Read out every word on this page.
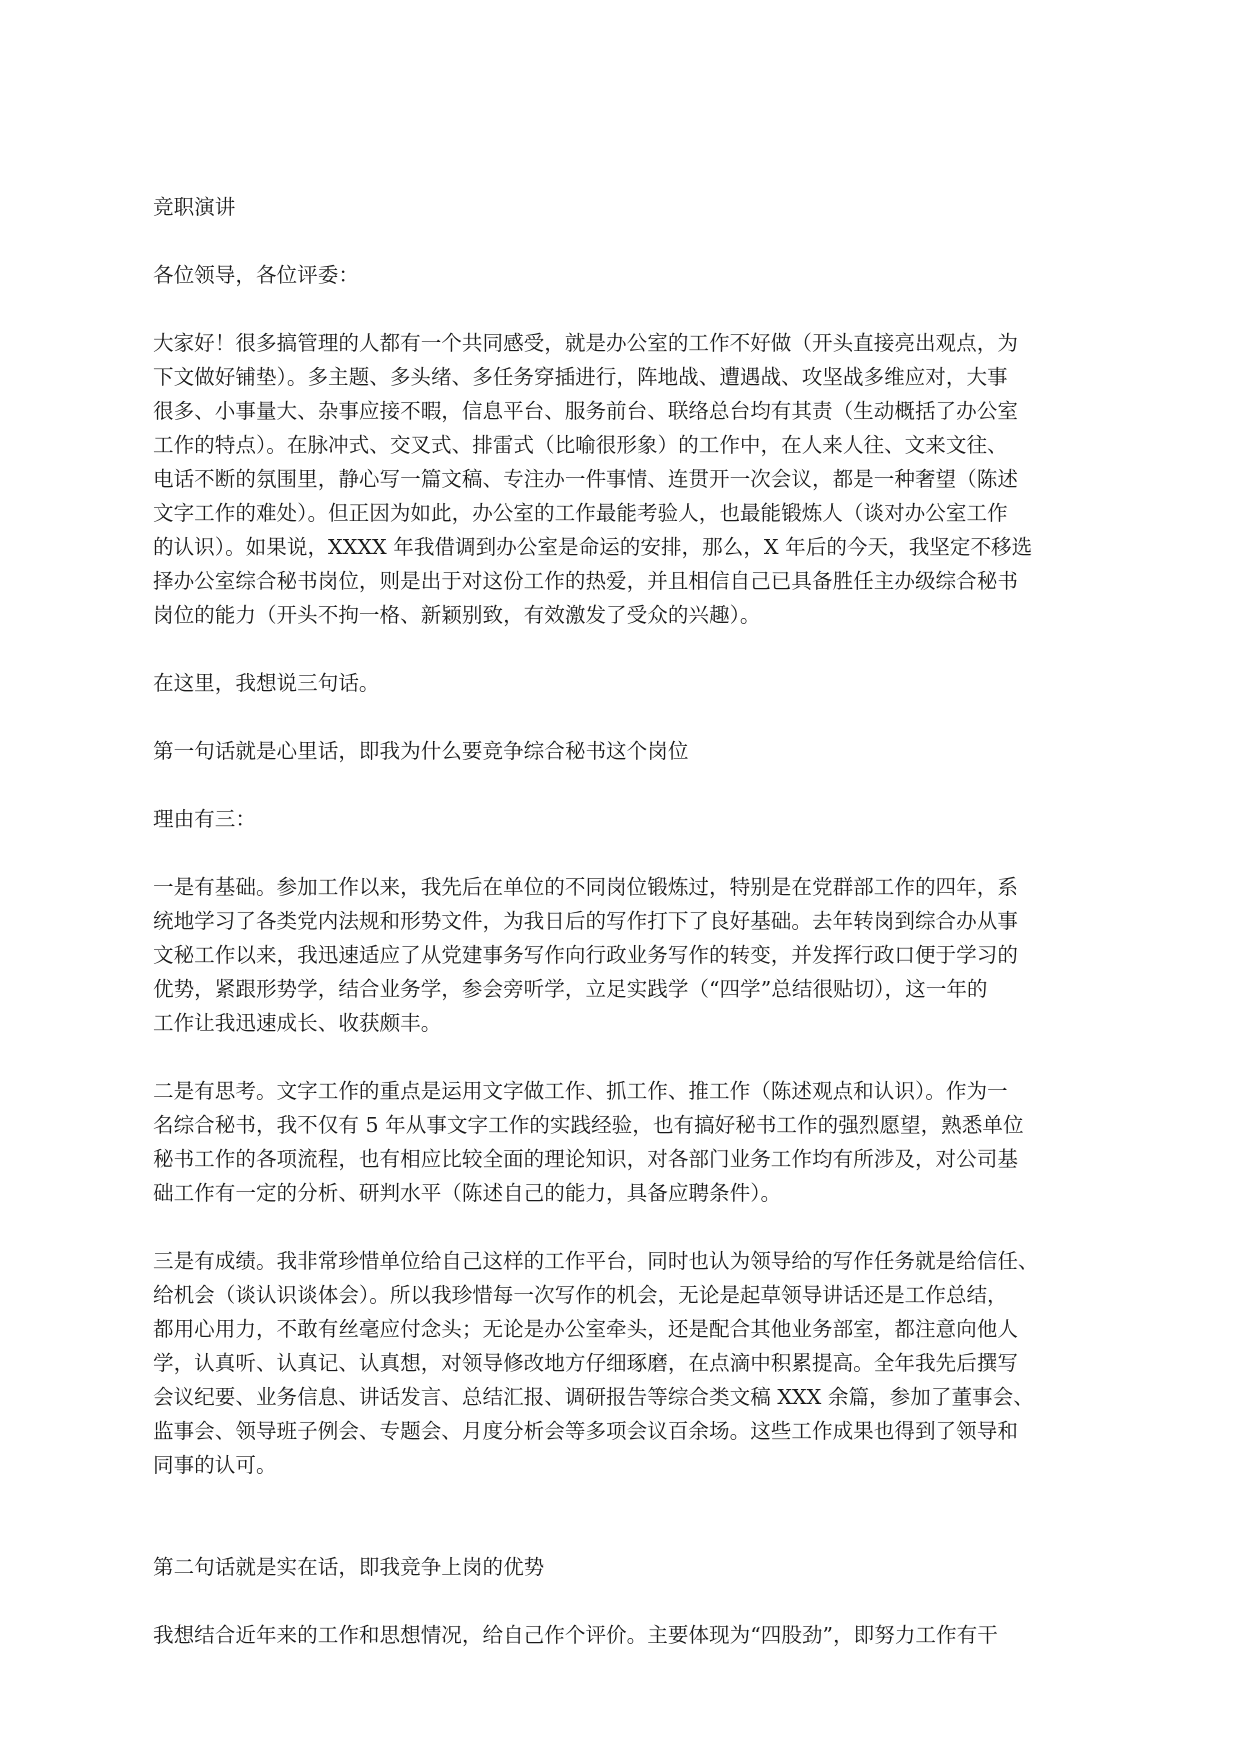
竞职演讲

各位领导，各位评委：

大家好！很多搞管理的人都有一个共同感受，就是办公室的工作不好做（开头直接亮出观点，为
下文做好铺垫）。多主题、多头绪、多任务穿插进行，阵地战、遭遇战、攻坚战多维应对，大事
很多、小事量大、杂事应接不暇，信息平台、服务前台、联络总台均有其责（生动概括了办公室
工作的特点）。在脉冲式、交叉式、排雷式（比喻很形象）的工作中，在人来人往、文来文往、
电话不断的氛围里，静心写一篇文稿、专注办一件事情、连贯开一次会议，都是一种奢望（陈述
文字工作的难处）。但正因为如此，办公室的工作最能考验人，也最能锻炼人（谈对办公室工作
的认识）。如果说，XXXX 年我借调到办公室是命运的安排，那么，X 年后的今天，我坚定不移选
择办公室综合秘书岗位，则是出于对这份工作的热爱，并且相信自己已具备胜任主办级综合秘书
岗位的能力（开头不拘一格、新颖别致，有效激发了受众的兴趣）。

在这里，我想说三句话。

第一句话就是心里话，即我为什么要竞争综合秘书这个岗位

理由有三：

一是有基础。参加工作以来，我先后在单位的不同岗位锻炼过，特别是在党群部工作的四年，系
统地学习了各类党内法规和形势文件，为我日后的写作打下了良好基础。去年转岗到综合办从事
文秘工作以来，我迅速适应了从党建事务写作向行政业务写作的转变，并发挥行政口便于学习的
优势，紧跟形势学，结合业务学，参会旁听学，立足实践学（“四学”总结很贴切），这一年的
工作让我迅速成长、收获颇丰。

二是有思考。文字工作的重点是运用文字做工作、抓工作、推工作（陈述观点和认识）。作为一
名综合秘书，我不仅有 5 年从事文字工作的实践经验，也有搞好秘书工作的强烈愿望，熟悉单位
秘书工作的各项流程，也有相应比较全面的理论知识，对各部门业务工作均有所涉及，对公司基
础工作有一定的分析、研判水平（陈述自己的能力，具备应聘条件）。

三是有成绩。我非常珍惜单位给自己这样的工作平台，同时也认为领导给的写作任务就是给信任、
给机会（谈认识谈体会）。所以我珍惜每一次写作的机会，无论是起草领导讲话还是工作总结，
都用心用力，不敢有丝毫应付念头；无论是办公室牵头，还是配合其他业务部室，都注意向他人
学，认真听、认真记、认真想，对领导修改地方仔细琢磨，在点滴中积累提高。全年我先后撰写
会议纪要、业务信息、讲话发言、总结汇报、调研报告等综合类文稿 XXX 余篇，参加了董事会、
监事会、领导班子例会、专题会、月度分析会等多项会议百余场。这些工作成果也得到了领导和
同事的认可。

第二句话就是实在话，即我竞争上岗的优势

我想结合近年来的工作和思想情况，给自己作个评价。主要体现为“四股劲”，即努力工作有干
